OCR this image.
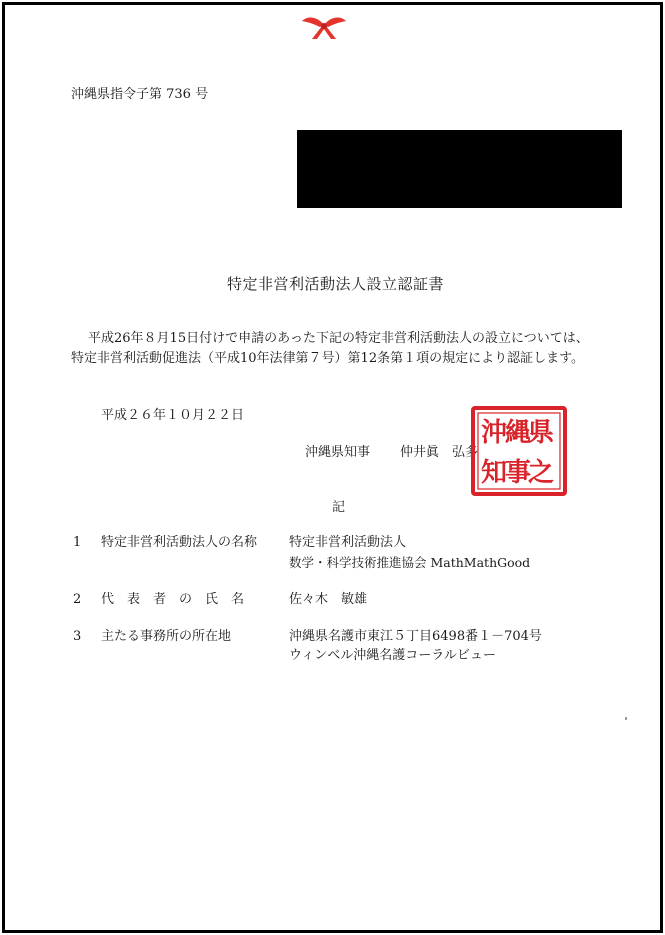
沖縄県指令子第 736 号
特定非営利活動法人設立認証書
平成26年８月15日付けで申請のあった下記の特定非営利活動法人の設立については、
特定非営利活動促進法（平成10年法律第７号）第12条第１項の規定により認証します。
平成２６年１０月２２日
沖縄県知事 仲井眞　弘多
県
縄
沖
之
事
知
記
1 特定非営利活動法人の名称 特定非営利活動法人
数学・科学技術推進協会 MathMathGood
2 代　表　者　の　氏　名	佐々木　敏雄
3 主たる事務所の所在地	沖縄県名護市東江５丁目6498番１－704号
ウィンベル沖縄名護コーラルビュー
